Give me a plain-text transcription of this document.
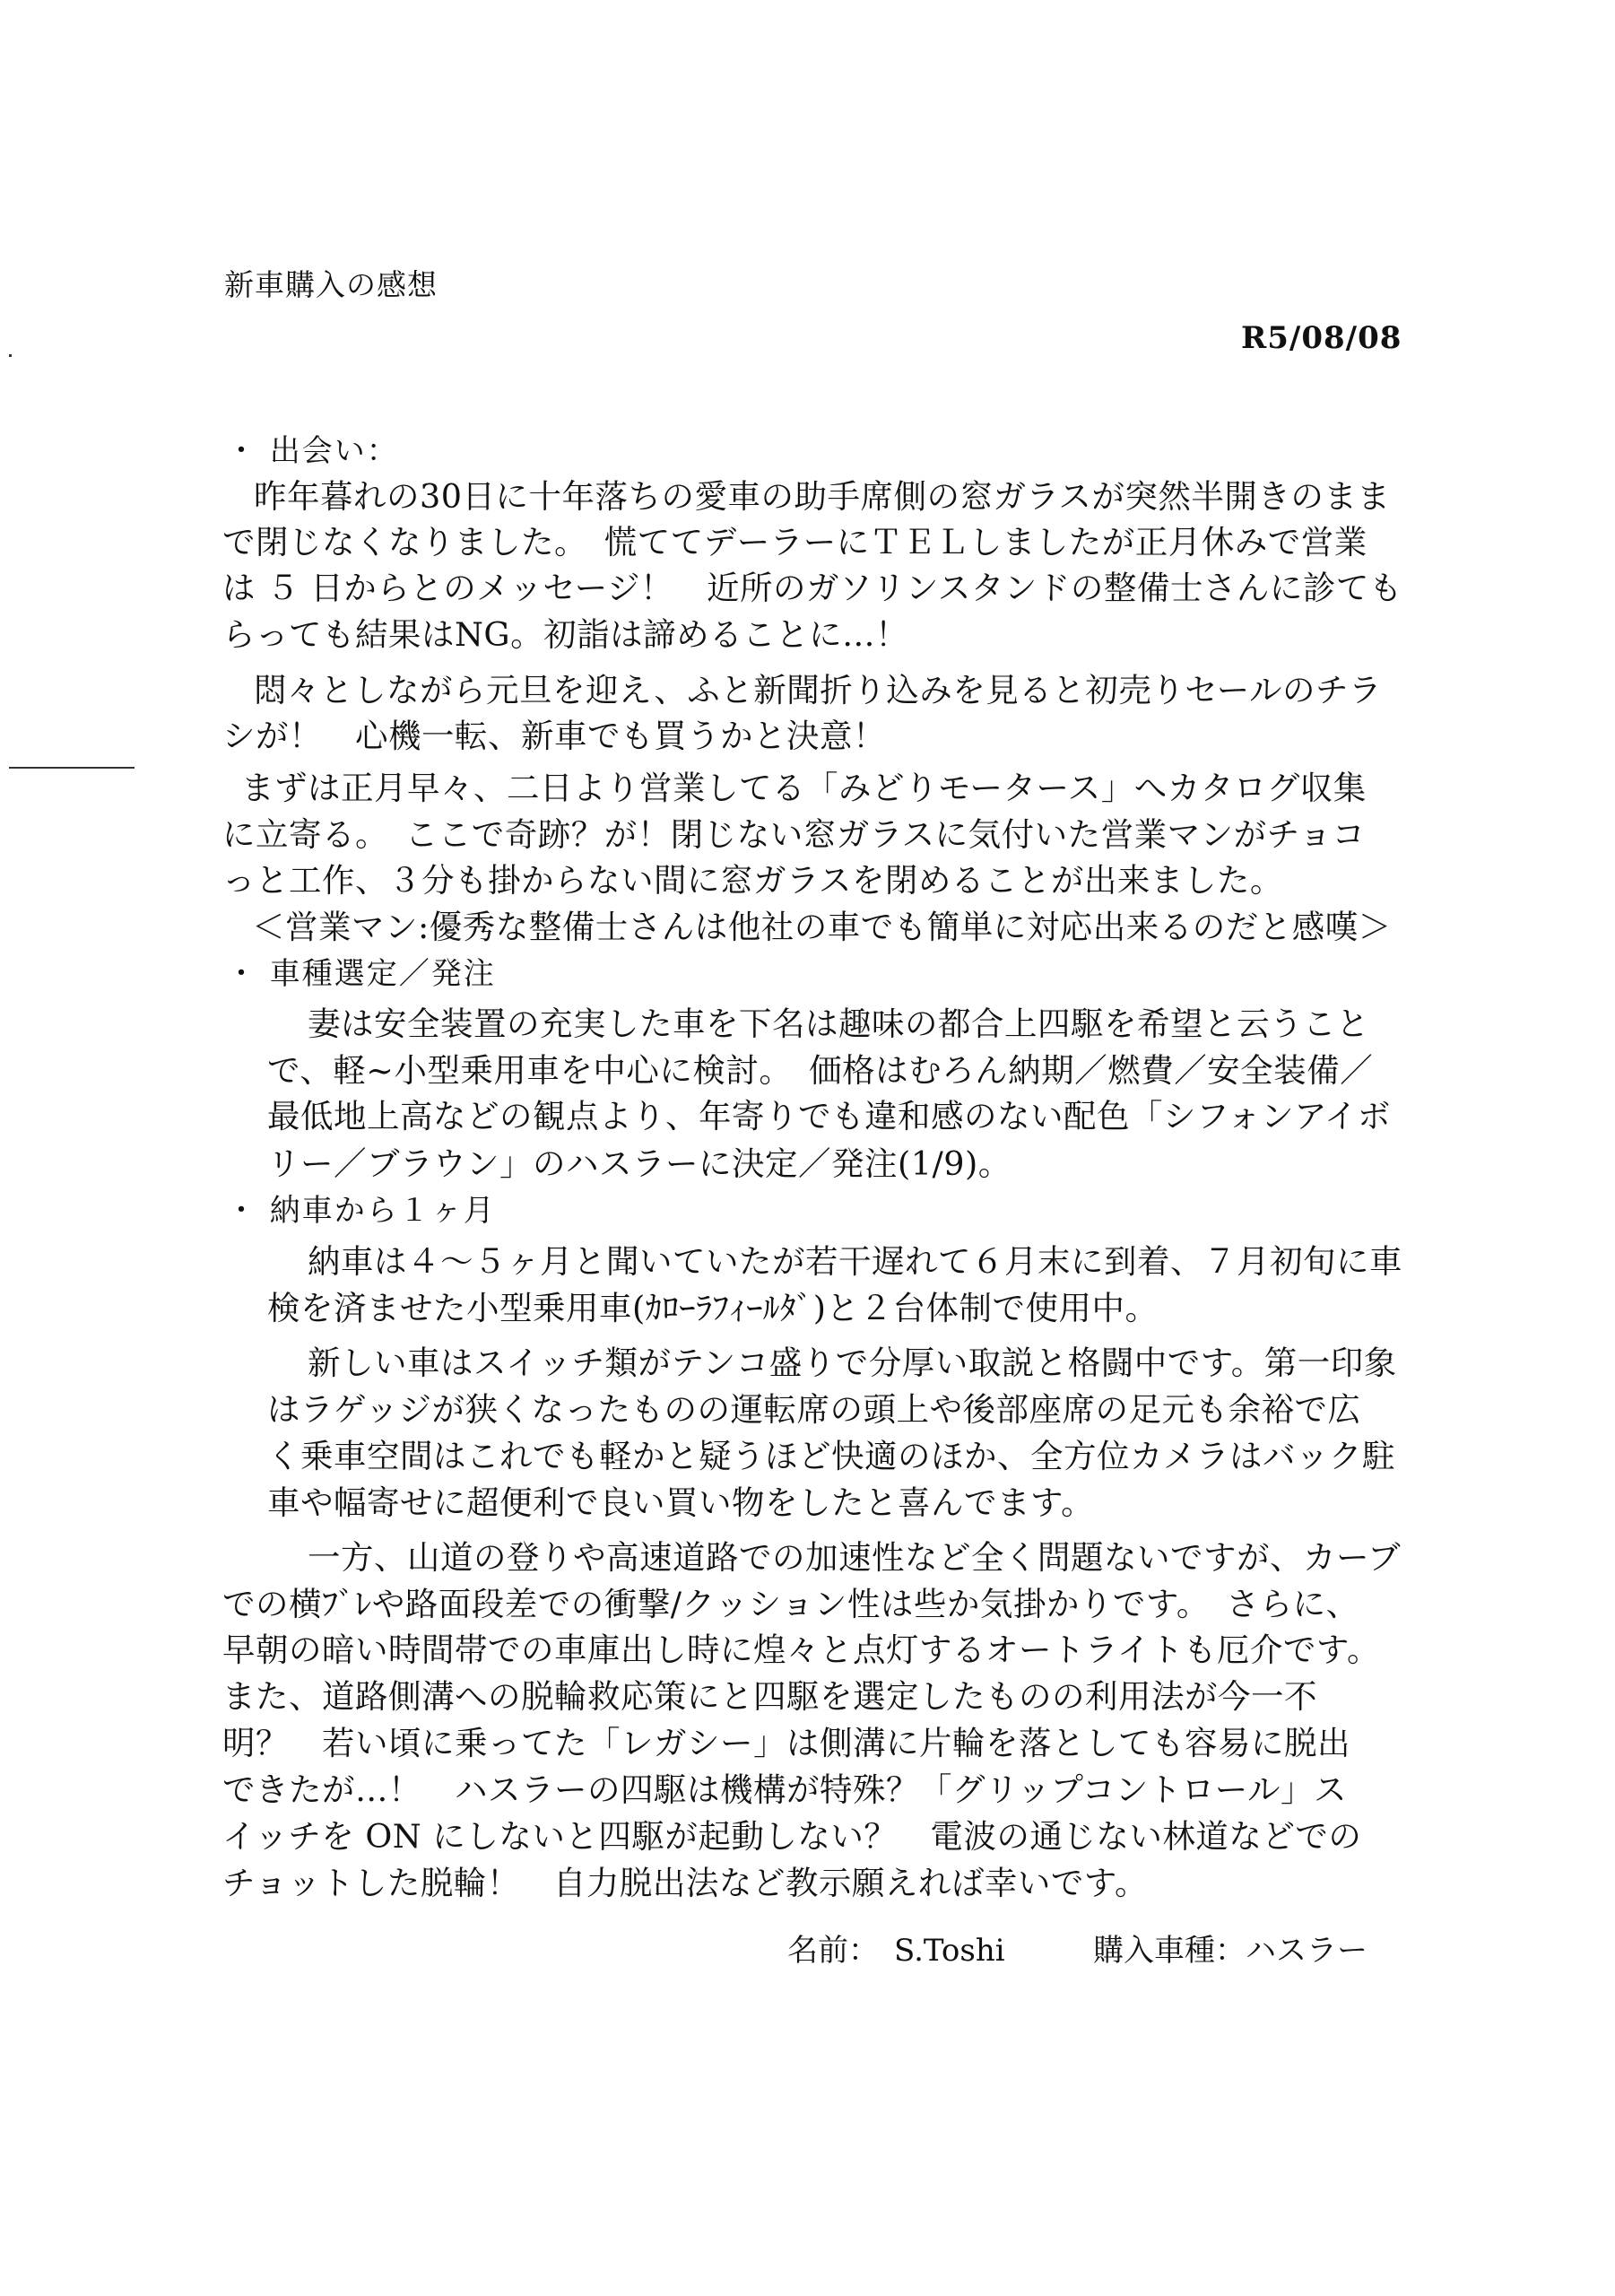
新車購入の感想
R5/08/08
・ 出会い：
昨年暮れの30日に十年落ちの愛車の助手席側の窓ガラスが突然半開きのまま
で閉じなくなりました。　慌ててデーラーにＴＥＬしましたが正月休みで営業
は ５ 日からとのメッセージ！　近所のガソリンスタンドの整備士さんに診ても
らっても結果はNG。初詣は諦めることに…！
悶々としながら元旦を迎え、ふと新聞折り込みを見ると初売りセールのチラ
シが！　心機一転、新車でも買うかと決意！
まずは正月早々、二日より営業してる「みどりモータース」へカタログ収集
に立寄る。　ここで奇跡？が！閉じない窓ガラスに気付いた営業マンがチョコ
っと工作、３分も掛からない間に窓ガラスを閉めることが出来ました。
＜営業マン:優秀な整備士さんは他社の車でも簡単に対応出来るのだと感嘆＞
・ 車種選定／発注
妻は安全装置の充実した車を下名は趣味の都合上四駆を希望と云うこと
で、軽~小型乗用車を中心に検討。　価格はむろん納期／燃費／安全装備／
最低地上高などの観点より、年寄りでも違和感のない配色「シフォンアイボ
リー／ブラウン」のハスラーに決定／発注(1/9)。
・ 納車から１ヶ月
納車は４～５ヶ月と聞いていたが若干遅れて６月末に到着、７月初旬に車
検を済ませた小型乗用車(ｶﾛｰﾗﾌｨｰﾙﾀﾞ)と２台体制で使用中。
新しい車はスイッチ類がテンコ盛りで分厚い取説と格闘中です。第一印象
はラゲッジが狭くなったものの運転席の頭上や後部座席の足元も余裕で広
く乗車空間はこれでも軽かと疑うほど快適のほか、全方位カメラはバック駐
車や幅寄せに超便利で良い買い物をしたと喜んでます。
一方、山道の登りや高速道路での加速性など全く問題ないですが、カーブ
での横ﾌﾞﾚや路面段差での衝撃/クッション性は些か気掛かりです。　さらに、
早朝の暗い時間帯での車庫出し時に煌々と点灯するオートライトも厄介です。
また、道路側溝への脱輪救応策にと四駆を選定したものの利用法が今一不
明？　若い頃に乗ってた「レガシー」は側溝に片輪を落としても容易に脱出
できたが…！　ハスラーの四駆は機構が特殊？「グリップコントロール」ス
イッチを ON にしないと四駆が起動しない？　電波の通じない林道などでの
チョットした脱輪！　自力脱出法など教示願えれば幸いです。
名前：　S.Toshi	購入車種：ハスラー
